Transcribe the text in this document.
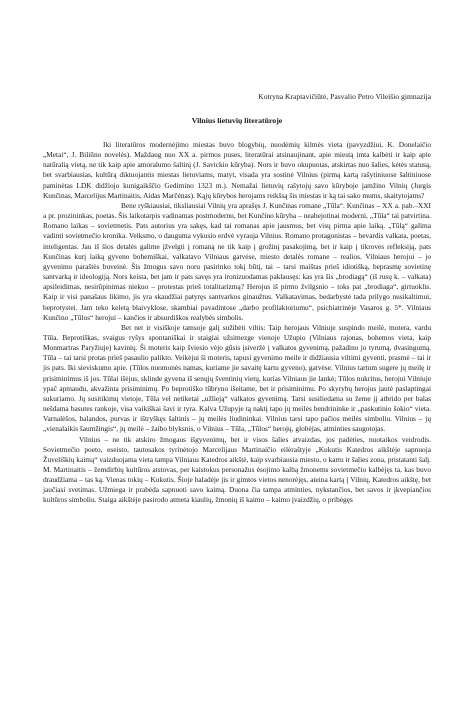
Kotryna Kraptavičiūtė, Pasvalio Petro Vileišio gimnazija
Vilnius lietuvių literatūroje

Iki literatūros modernėjimo miestas buvo blogybių, nuodėmių kilmės vieta (pavyzdžiui, K. Donelaičio „Metai“, J. Biliūno novelės). Maždaug nuo XX a. pirmos puses, literatūrai atsinaujinant, apie miestą imta kalbėti ir kaip apie natūralią vietą, ne tik kaip apie amoralumo šaltinį (J. Savickio kūryba). Nors ir buvo okupuotas, atskirtas nuo šalies, kėtės statusą, bet svarbiausias, kultūrą diktuojantis miestas lietuviams, matyt, visada yra sostinė Vilnius (pirmą kartą rašytiniuose šaltiniuose paminėtas LDK didžiojo kunigaikščio Gedimino 1323 m.). Nemažai lietuvių rašytojų savo kūryboje įamžino Vilnių (Jurgis Kunčinas, Marcelijus Martinaitis, Aidas Marčėnas). Kąjų kūrybos herojams reikšsą šis miestas ir ką tai sako mums, skaitytojams?

Bene ryškiausiai, tiksliausiai Vilnių yra aprašęs J. Kunčinas romane „Tūla“. Kunčinas – XX a. pab.–XXI a pr. prozininkas, poetas. Šis laikotarpis vadinamas postmodernu, bet Kunčino kūryba – neabejotinai moderni, „Tūla“ tai patvirtina. Romano laikas – sovietmetis. Pats autorius yra sakęs, kad tai romanas apie jausmus, bet visų pirma apie laiką. „Tūlą“ galima vadinti sovietmečio kronika. Veiksmo, o dauguma vykusio erdvė vyrauja Vilnius. Romano protagonistas – bevardis valkata, poetas, inteligentas. Jau iš šios detalės galime įžvelgti į romaną ne tik kaip į grožinį pasakojimą, bet ir kaip į tikroves refleksiją, pats Kunčinas kurį laiką gyveno bohemiškai, valkatavo Vilniaus gatvėse, miesto detalės romane – realios. Vilniaus herojui – jo gyvenimo paraštės buveinė. Šis žmogus savo noru pasirinko tokį būtį, tai – tarsi maištas prieš idiotišką, beprasmę sovietinę santvarką ir ideologiją. Nors keista, bet jam ir pats savęs yra ironizuodamas paklausęs: kas yra šis „brodiagą“ (iš rusų k. – valkata) apsileidimas, nesirūpinimas niekuo – protestas prieš totalitarizmą? Herojus iš pirmo žvilgsnio – toks pat „brodiaga“, girtuoklis. Kaip ir visi panašaus likimo, jis yra skaudžiai patyręs santvarkos ginaužtus. Valkatavimas, bedarbystė tada prilygo nusikaltimui, beprotystei. Jam teko keletą blaivyklose, skambiai pavadintose „darbo profilaktoriumu“, psichiatrinėje Vasaros g. 5*. Vilniaus Kunčino „Tūlos“ herojui – kančios ir absurdiškos realybės simbolis.

Bet net ir visiškoje tamsoje galį sužibėti viltis: Taip herojaus Vilniuje suspindo meilė, motera, vardu Tūla. Beprotiškas, svaigus ryšys spontaniškai ir staigiai užsimezge vienoje Užupio (Vilniaus rajonas, bohemos vieta, kaip Monmartras Paryžiuje) kavinių. Ši moteris kaip šviesio vėjo gūsis įsiveržė į valkatos gyvenimą, pažadino jo tyrumą, dvasingumą. Tūla – tai tarsi protas prieš pasaulio palikto. Veikėjui ši moteris, tapusi gyvenimo meile ir didžiausia viltimi gyventi, prasmė – tai ir jis pats. Iki sieviskumo apie. (Tūlos nuomonės namas, kuriame jie savaitę kartu gyveno), gatvėse. Vilnius tartum sugere jų meilę ir prisiminimus iš jos. Tūlai išėjus, sklinde gyvena iš senųjų šventinių vietų, kurias Vilniaus jie lankė; Tūlos nukritus, herojui Vilniuje ypač apmaudu, akvažinta prisiminimų. Po beprotiško tūbryno išeitame, bet ir prisiminimu. Po skyrybų herojus jautė paslaptingai sukuriamo. Jų susitikimų vietoje, Tūla vel netiketai „užlieją“ valkatos gyvenimą. Tarsi susiliedama su žeme jį atbrido per balas nešdama basutes rankoje, visa vaikiškai šavi ir tyra. Kalva Užupyje tą naktį tapo jų meilės bendrininke ir „paskutinio šokio“ vieta. Varnalėšos, balandos, purvas ir ištryškęs šaltinis – jų meilės liudininkai. Vilnius tarsi tapo pačios meilės simboliu. Vilnius – jų „vienalaikis šaumžingis“, jų meilė – žaibo blyksnis, o Vilnius – Tūla, „Tūlos“ herojų, globėjas, atminties saugotojas.

Vilnius – ne tik atskiro žmogaus išgyvenimų, bet ir visos šalies atvaizdas, jos padėties, nuotaikos veidrodis. Sovietmečio poeto, eseisto, tautosakos tyrinėtojo Marcelijaus Martinaičio eilėraštyje „Kukutis Katedros aikštėje sapnuoja Žuveliškių kaimą“ vaizduojama vieta tampa Vilniaus Katedros aikštė, kaip svarbiausia miesto, o kartu ir šalies zona, pristatanti šalį. M. Martinaitis – žemdirbių kultūros atstovas, per kaistokus personažus ėsojimo kalbą žmonems sovietmečio kalbėjęs ta, kas buvo draudžiama – tas ką. Vienas tokių – Kukutis. Šioje baladėje jis ir gimtos vietos nenorėjęs, ateina kartą į Vilnių, Katedros aikštę, bet jaučiasi svetimas. Užmiega ir prabėda sapnuoti savo kaimą. Duona čia tampa atminties, nykstančios, bet savos ir įkvepiančios kultūros simboliu. Staiga aikštėje pasirodo atmeta kiaulių, žmonių iš kaimo – kaimo įvaizdžių, o pribėgęs
